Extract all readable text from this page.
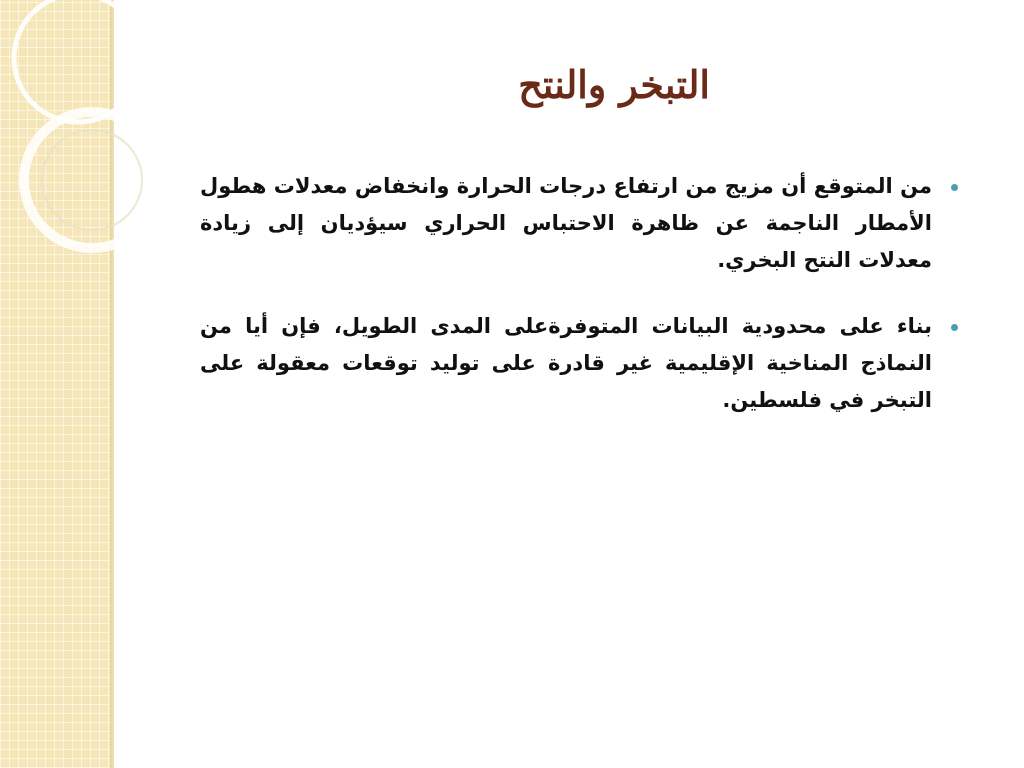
التبخر والنتح
من المتوقع أن مزيج من ارتفاع درجات الحرارة وانخفاض معدلات هطول الأمطار الناجمة عن ظاهرة الاحتباس الحراري سيؤديان إلى زيادة معدلات النتح البخري.
بناء على محدودية البيانات المتوفرةعلى المدى الطويل، فإن أيا من النماذج المناخية الإقليمية غير قادرة على توليد توقعات معقولة على التبخر في فلسطين.
